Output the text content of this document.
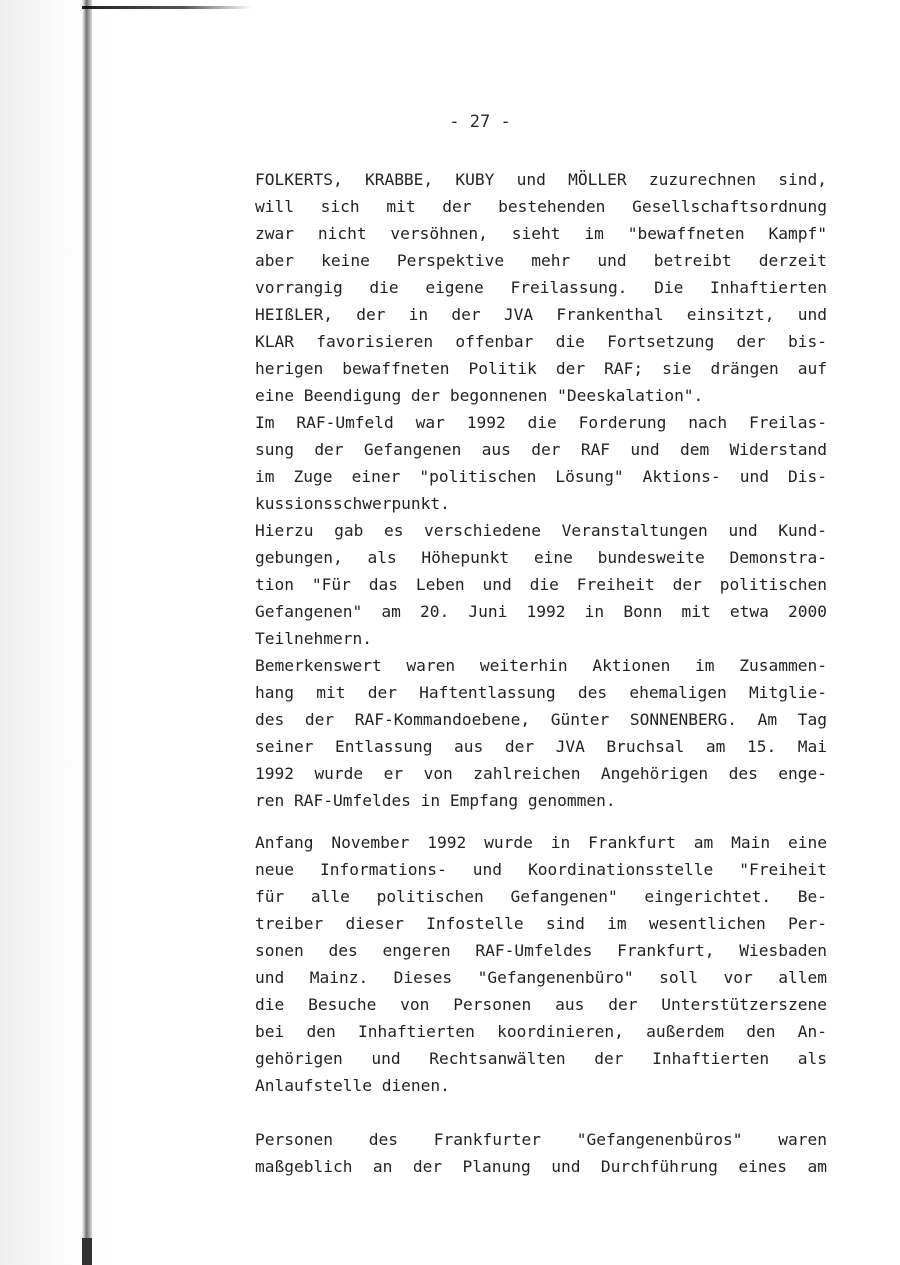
- 27 -
FOLKERTS, KRABBE, KUBY und MÖLLER zuzurechnen sind,
will sich mit der bestehenden Gesellschaftsordnung
zwar nicht versöhnen, sieht im "bewaffneten Kampf"
aber keine Perspektive mehr und betreibt derzeit
vorrangig die eigene Freilassung. Die Inhaftierten
HEIßLER, der in der JVA Frankenthal einsitzt, und
KLAR favorisieren offenbar die Fortsetzung der bis-
herigen bewaffneten Politik der RAF; sie drängen auf
eine Beendigung der begonnenen "Deeskalation".
Im RAF-Umfeld war 1992 die Forderung nach Freilas-
sung der Gefangenen aus der RAF und dem Widerstand
im Zuge einer "politischen Lösung" Aktions- und Dis-
kussionsschwerpunkt.
Hierzu gab es verschiedene Veranstaltungen und Kund-
gebungen, als Höhepunkt eine bundesweite Demonstra-
tion "Für das Leben und die Freiheit der politischen
Gefangenen" am 20. Juni 1992 in Bonn mit etwa 2000
Teilnehmern.
Bemerkenswert waren weiterhin Aktionen im Zusammen-
hang mit der Haftentlassung des ehemaligen Mitglie-
des der RAF-Kommandoebene, Günter SONNENBERG. Am Tag
seiner Entlassung aus der JVA Bruchsal am 15. Mai
1992 wurde er von zahlreichen Angehörigen des enge-
ren RAF-Umfeldes in Empfang genommen.
Anfang November 1992 wurde in Frankfurt am Main eine
neue Informations- und Koordinationsstelle "Freiheit
für alle politischen Gefangenen" eingerichtet. Be-
treiber dieser Infostelle sind im wesentlichen Per-
sonen des engeren RAF-Umfeldes Frankfurt, Wiesbaden
und Mainz. Dieses "Gefangenenbüro" soll vor allem
die Besuche von Personen aus der Unterstützerszene
bei den Inhaftierten koordinieren, außerdem den An-
gehörigen und Rechtsanwälten der Inhaftierten als
Anlaufstelle dienen.
Personen des Frankfurter "Gefangenenbüros" waren
maßgeblich an der Planung und Durchführung eines am
